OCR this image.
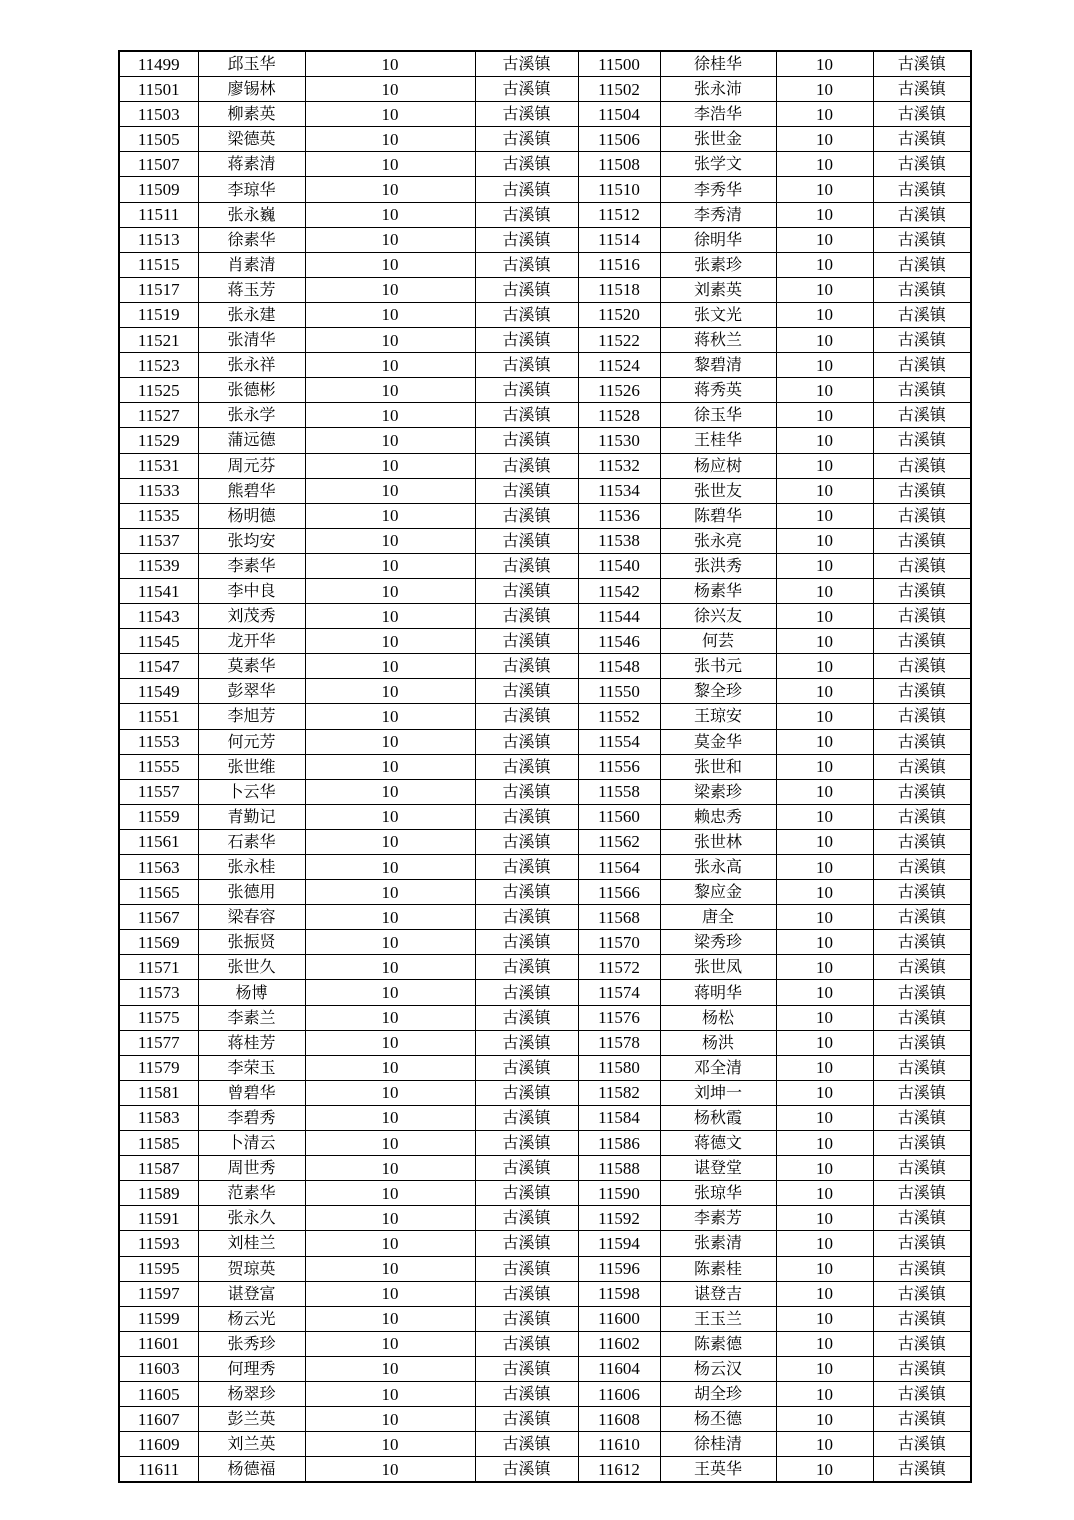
11499	邱玉华	10	古溪镇	11500	徐桂华	10	古溪镇
11501	廖锡林	10	古溪镇	11502	张永沛	10	古溪镇
11503	柳素英	10	古溪镇	11504	李浩华	10	古溪镇
11505	梁德英	10	古溪镇	11506	张世金	10	古溪镇
11507	蒋素清	10	古溪镇	11508	张学文	10	古溪镇
11509	李琼华	10	古溪镇	11510	李秀华	10	古溪镇
11511	张永巍	10	古溪镇	11512	李秀清	10	古溪镇
11513	徐素华	10	古溪镇	11514	徐明华	10	古溪镇
11515	肖素清	10	古溪镇	11516	张素珍	10	古溪镇
11517	蒋玉芳	10	古溪镇	11518	刘素英	10	古溪镇
11519	张永建	10	古溪镇	11520	张文光	10	古溪镇
11521	张清华	10	古溪镇	11522	蒋秋兰	10	古溪镇
11523	张永祥	10	古溪镇	11524	黎碧清	10	古溪镇
11525	张德彬	10	古溪镇	11526	蒋秀英	10	古溪镇
11527	张永学	10	古溪镇	11528	徐玉华	10	古溪镇
11529	蒲远德	10	古溪镇	11530	王桂华	10	古溪镇
11531	周元芬	10	古溪镇	11532	杨应树	10	古溪镇
11533	熊碧华	10	古溪镇	11534	张世友	10	古溪镇
11535	杨明德	10	古溪镇	11536	陈碧华	10	古溪镇
11537	张均安	10	古溪镇	11538	张永亮	10	古溪镇
11539	李素华	10	古溪镇	11540	张洪秀	10	古溪镇
11541	李中良	10	古溪镇	11542	杨素华	10	古溪镇
11543	刘茂秀	10	古溪镇	11544	徐兴友	10	古溪镇
11545	龙开华	10	古溪镇	11546	何芸	10	古溪镇
11547	莫素华	10	古溪镇	11548	张书元	10	古溪镇
11549	彭翠华	10	古溪镇	11550	黎全珍	10	古溪镇
11551	李旭芳	10	古溪镇	11552	王琼安	10	古溪镇
11553	何元芳	10	古溪镇	11554	莫金华	10	古溪镇
11555	张世维	10	古溪镇	11556	张世和	10	古溪镇
11557	卜云华	10	古溪镇	11558	梁素珍	10	古溪镇
11559	青勤记	10	古溪镇	11560	赖忠秀	10	古溪镇
11561	石素华	10	古溪镇	11562	张世林	10	古溪镇
11563	张永桂	10	古溪镇	11564	张永高	10	古溪镇
11565	张德用	10	古溪镇	11566	黎应金	10	古溪镇
11567	梁春容	10	古溪镇	11568	唐全	10	古溪镇
11569	张振贤	10	古溪镇	11570	梁秀珍	10	古溪镇
11571	张世久	10	古溪镇	11572	张世凤	10	古溪镇
11573	杨博	10	古溪镇	11574	蒋明华	10	古溪镇
11575	李素兰	10	古溪镇	11576	杨松	10	古溪镇
11577	蒋桂芳	10	古溪镇	11578	杨洪	10	古溪镇
11579	李荣玉	10	古溪镇	11580	邓全清	10	古溪镇
11581	曾碧华	10	古溪镇	11582	刘坤一	10	古溪镇
11583	李碧秀	10	古溪镇	11584	杨秋霞	10	古溪镇
11585	卜清云	10	古溪镇	11586	蒋德文	10	古溪镇
11587	周世秀	10	古溪镇	11588	谌登堂	10	古溪镇
11589	范素华	10	古溪镇	11590	张琼华	10	古溪镇
11591	张永久	10	古溪镇	11592	李素芳	10	古溪镇
11593	刘桂兰	10	古溪镇	11594	张素清	10	古溪镇
11595	贺琼英	10	古溪镇	11596	陈素桂	10	古溪镇
11597	谌登富	10	古溪镇	11598	谌登吉	10	古溪镇
11599	杨云光	10	古溪镇	11600	王玉兰	10	古溪镇
11601	张秀珍	10	古溪镇	11602	陈素德	10	古溪镇
11603	何理秀	10	古溪镇	11604	杨云汉	10	古溪镇
11605	杨翠珍	10	古溪镇	11606	胡全珍	10	古溪镇
11607	彭兰英	10	古溪镇	11608	杨丕德	10	古溪镇
11609	刘兰英	10	古溪镇	11610	徐桂清	10	古溪镇
11611	杨德福	10	古溪镇	11612	王英华	10	古溪镇
